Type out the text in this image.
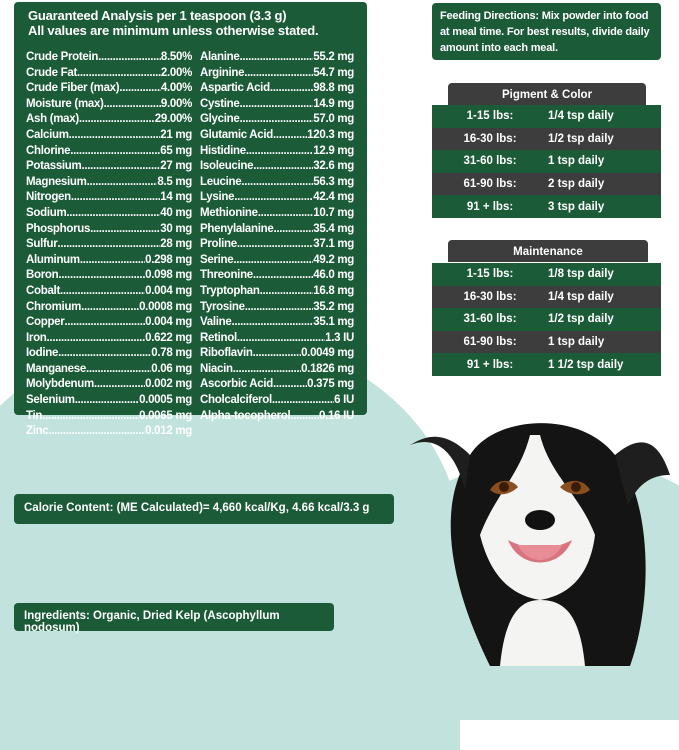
Guaranteed Analysis per 1 teaspoon (3.3 g)
All values are minimum unless otherwise stated.
Crude Protein .....	8.50%
Crude Fat .....	2.00%
Crude Fiber (max) .....	4.00%
Moisture (max) .....	9.00%
Ash (max) .....	29.00%
Calcium .....	21 mg
Chlorine .....	65 mg
Potassium .....	27 mg
Magnesium .....	8.5 mg
Nitrogen .....	14 mg
Sodium .....	40 mg
Phosphorus .....	30 mg
Sulfur .....	28 mg
Aluminum .....	0.298 mg
Boron .....	0.098 mg
Cobalt .....	0.004 mg
Chromium .....	0.0008 mg
Copper .....	0.004 mg
Iron .....	0.622 mg
Iodine .....	0.78 mg
Manganese .....	0.06 mg
Molybdenum .....	0.002 mg
Selenium .....	0.0005 mg
Tin .....	0.0065 mg
Zinc .....	0.012 mg
Alanine .....	55.2 mg
Arginine .....	54.7 mg
Aspartic Acid .....	98.8 mg
Cystine .....	14.9 mg
Glycine .....	57.0 mg
Glutamic Acid .....	120.3 mg
Histidine .....	12.9 mg
Isoleucine .....	32.6 mg
Leucine .....	56.3 mg
Lysine .....	42.4 mg
Methionine .....	10.7 mg
Phenylalanine .....	35.4 mg
Proline .....	37.1 mg
Serine .....	49.2 mg
Threonine .....	46.0 mg
Tryptophan .....	16.8 mg
Tyrosine .....	35.2 mg
Valine .....	35.1 mg
Retinol .....	1.3 IU
Riboflavin .....	0.0049 mg
Niacin .....	0.1826 mg
Ascorbic Acid .....	0.375 mg
Cholcalciferol .....	6 IU
Alpha-tocopherol ..... 0.16 IU
Feeding Directions: Mix powder into food at meal time. For best results, divide daily amount into each meal.
Pigment & Color
1-15 lbs:	1/4 tsp daily
16-30 lbs:	1/2 tsp daily
31-60 lbs:	1 tsp daily
61-90 lbs:	2 tsp daily
91 + lbs:	3 tsp daily
Maintenance
1-15 lbs:	1/8 tsp daily
16-30 lbs:	1/4 tsp daily
31-60 lbs:	1/2 tsp daily
61-90 lbs:	1 tsp daily
91 + lbs:	1 1/2 tsp daily
Calorie Content: (ME Calculated)= 4,660 kcal/Kg, 4.66 kcal/3.3 g
Ingredients: Organic, Dried Kelp (Ascophyllum nodosum)
